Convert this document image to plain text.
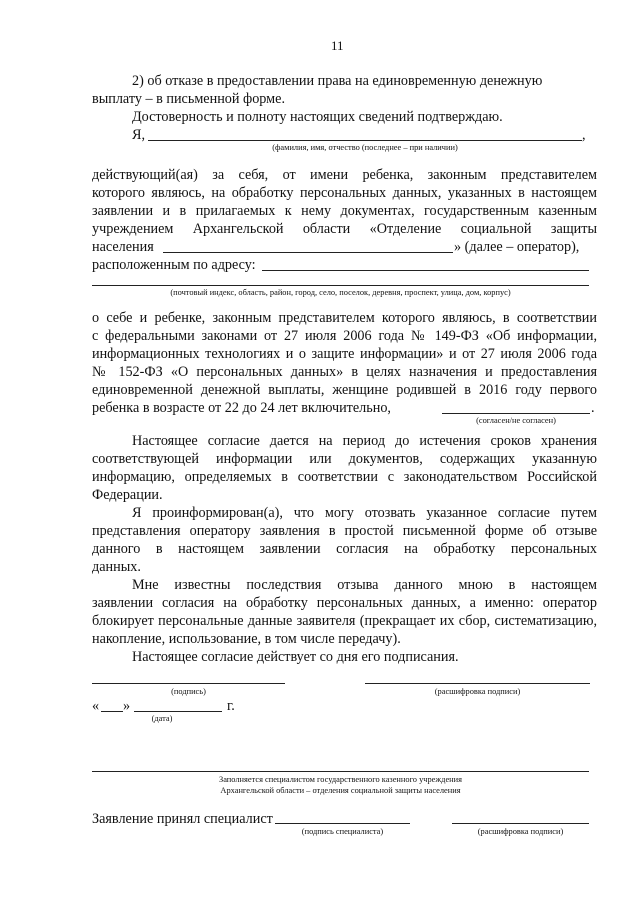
11
2) об отказе в предоставлении права на единовременную денежную
выплату – в письменной форме.
Достоверность и полноту настоящих сведений подтверждаю.
Я,	,
(фамилия, имя, отчество (последнее – при наличии)
действующий(ая) за себя, от имени ребенка, законным представителем
которого являюсь, на обработку персональных данных, указанных в настоящем
заявлении и в прилагаемых к нему документах, государственным казенным
учреждением Архангельской области «Отделение социальной защиты
населения	» (далее – оператор),
расположенным по адресу:
(почтовый индекс, область, район, город, село, поселок, деревня, проспект, улица, дом, корпус)
о себе и ребенке, законным представителем которого являюсь, в соответствии
с федеральными законами от 27 июля 2006 года № 149-ФЗ «Об информации,
информационных технологиях и о защите информации» и от 27 июля 2006 года
№ 152-ФЗ «О персональных данных» в целях назначения и предоставления
единовременной денежной выплаты, женщине родившей в 2016 году первого
ребенка в возрасте от 22 до 24 лет включительно,	.
(согласен/не согласен)
Настоящее согласие дается на период до истечения сроков хранения
соответствующей информации или документов, содержащих указанную
информацию, определяемых в соответствии с законодательством Российской
Федерации.
Я проинформирован(а), что могу отозвать указанное согласие путем
представления оператору заявления в простой письменной форме об отзыве
данного в настоящем заявлении согласия на обработку персональных
данных.
Мне известны последствия отзыва данного мною в настоящем
заявлении согласия на обработку персональных данных, а именно: оператор
блокирует персональные данные заявителя (прекращает их сбор, систематизацию,
накопление, использование, в том числе передачу).
Настоящее согласие действует со дня его подписания.
(подпись)	(расшифровка подписи)
« »	г.
(дата)
Заполняется специалистом государственного казенного учреждения
Архангельской области – отделения социальной защиты населения
Заявление принял специалист
(подпись специалиста)	(расшифровка подписи)
